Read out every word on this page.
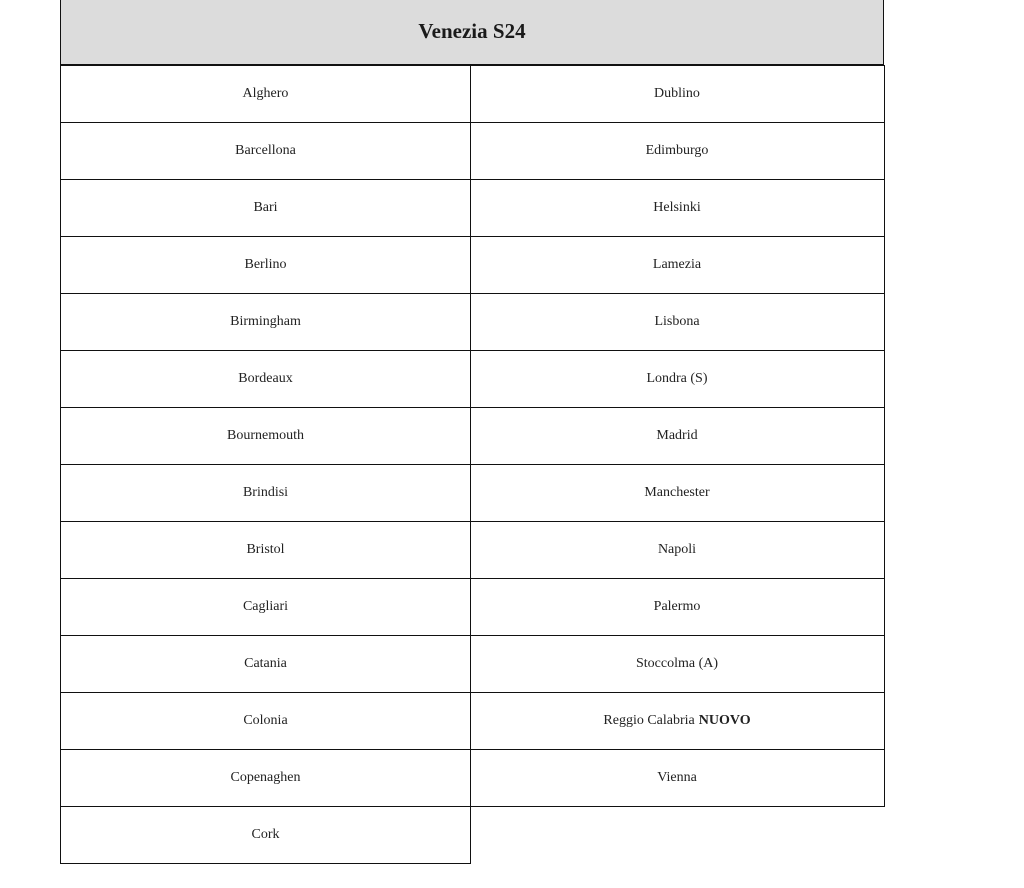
Venezia S24
Alghero
Barcellona
Bari
Berlino
Birmingham
Bordeaux
Bournemouth
Brindisi
Bristol
Cagliari
Catania
Colonia
Copenaghen
Cork
Dublino
Edimburgo
Helsinki
Lamezia
Lisbona
Londra (S)
Madrid
Manchester
Napoli
Palermo
Stoccolma (A)
Reggio Calabria NUOVO
Vienna
